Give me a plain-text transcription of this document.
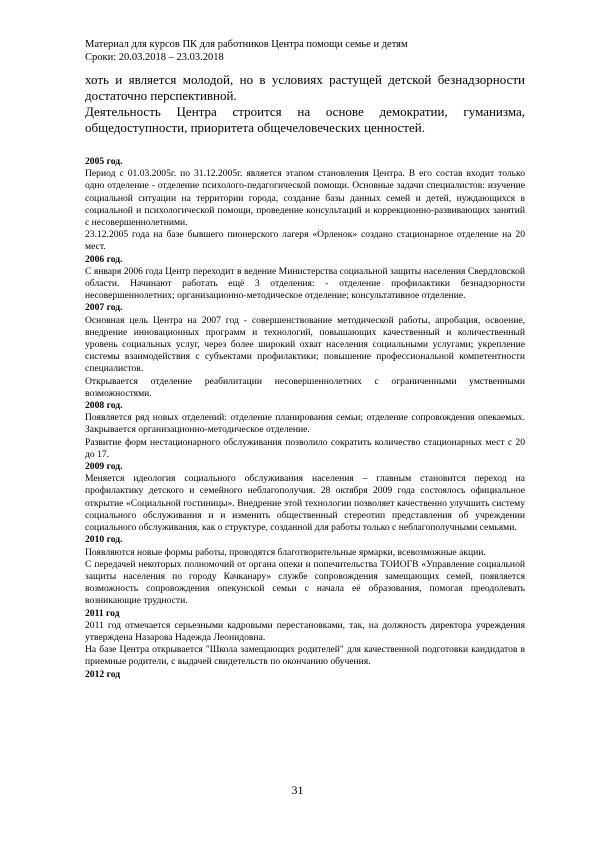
Материал для курсов ПК для работников Центра помощи семье и детям
Сроки: 20.03.2018 – 23.03.2018

хоть и является молодой, но в условиях растущей детской безнадзорности достаточно перспективной.

Деятельность Центра строится на основе демократии, гуманизма, общедоступности, приоритета общечеловеческих ценностей.

2005 год.

Период с 01.03.2005г. по 31.12.2005г. является этапом становления Центра. В его состав входит только одно отделение - отделение психолого-педагогической помощи. Основные задачи специалистов: изучение социальной ситуации на территории города, создание базы данных семей и детей, нуждающихся в социальной и психологической помощи, проведение консультаций и коррекционно-развивающих занятий с несовершеннолетними.

23.12.2005 года на базе бывшего пионерского лагеря «Орленок» создано стационарное отделение на 20 мест.

2006 год.

С января 2006 года Центр переходит в ведение Министерства социальной защиты населения Свердловской области. Начинают работать ещё 3 отделения: - отделение профилактики безнадзорности несовершеннолетних; организационно-методическое отделение; консультативное отделение.

2007 год.

Основная цель Центра на 2007 год - совершенствование методической работы, апробация, освоение, внедрение инновационных программ и технологий, повышающих качественный и количественный уровень социальных услуг, через более широкий охват населения социальными услугами; укрепление системы взаимодействия с субъектами профилактики; повышение профессиональной компетентности специалистов.

Открывается отделение реабилитации несовершеннолетних с ограниченными умственными возможностями.

2008 год.

Появляется ряд новых отделений: отделение планирования семьи; отделение сопровождения опекаемых. Закрывается организационно-методическое отделение.

Развитие форм нестационарного обслуживания позволило сократить количество стационарных мест с 20 до 17.

2009 год.

Меняется идеология социального обслуживания населения – главным становится переход на профилактику детского и семейного неблагополучия. 28 октября 2009 года состоялось официальное открытие «Социальной гостиницы». Внедрение этой технологии позволяет качественно улучшить систему социального обслуживания и и изменить общественный стереотип представления об учреждении социального обслуживания, как о структуре, созданной для работы только с неблагополучными семьями.

2010 год.

Появляются новые формы работы, проводятся благотворительные ярмарки, всевозможные акции.

С передачей некоторых полномочий от органа опеки и попечительства ТОИОГВ «Управление социальной защиты населения по городу Качканару» службе сопровождения замещающих семей, появляется возможность сопровождения опекунской семьи с начала её образования, помогая преодолевать возникающие трудности.

2011 год

2011 год отмечается серьезными кадровыми перестановками, так, на должность директора учреждения утверждена Назарова Надежда Леонидовна.

На базе Центра открывается "Школа замещающих родителей" для качественной подготовки кандидатов в приемные родители, с выдачей свидетельств по окончанию обучения.

2012 год

31
